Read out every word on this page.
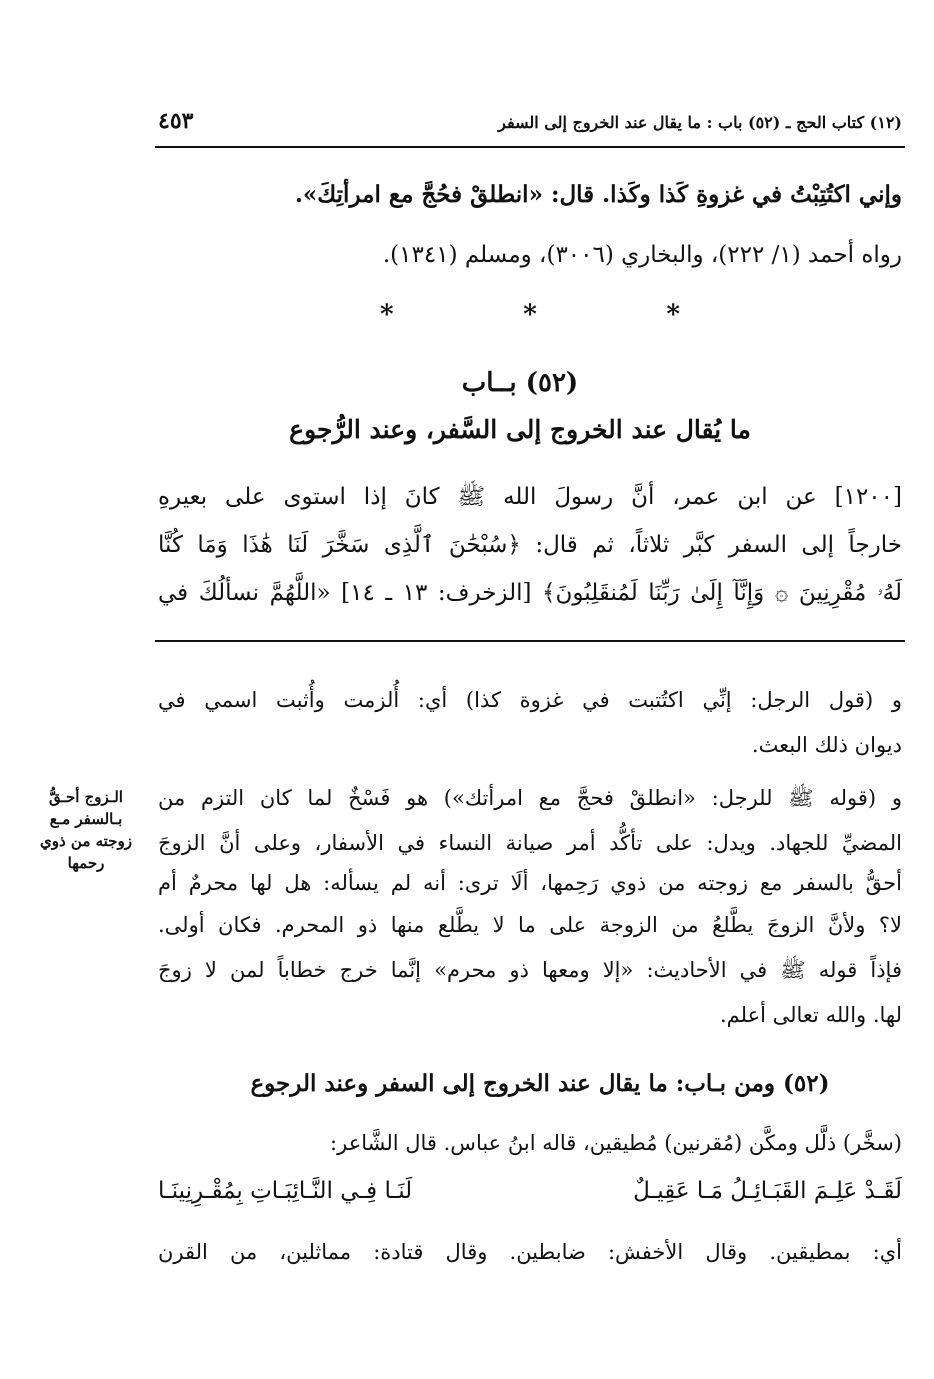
(١٢) كتاب الحج ـ (٥٢) باب : ما يقال عند الخروج إلى السفر
٤٥٣
وإني اكتُتِبْتُ في غزوةِ كَذا وكَذا. قال: «انطلقْ فحُجَّ مع امرأتِكَ».
رواه أحمد (١/ ٢٢٢)، والبخاري (٣٠٠٦)، ومسلم (١٣٤١).
*
*
*
(٥٢) بــاب
ما يُقال عند الخروج إلى السَّفر، وعند الرُّجوع
[١٢٠٠] عن ابن عمر، أنَّ رسولَ الله ﷺ كانَ إذا استوى على بعيرهِ
خارجاً إلى السفر كبَّر ثلاثاً، ثم قال: ﴿سُبْحَٰنَ ٱلَّذِى سَخَّرَ لَنَا هَٰذَا وَمَا كُنَّا
لَهُۥ مُقْرِنِينَ ۞ وَإِنَّآ إِلَىٰ رَبِّنَا لَمُنقَلِبُونَ﴾ [الزخرف: ١٣ ـ ١٤] «اللَّهُمَّ نسألُكَ في
و (قول الرجل: إنِّي اكتُتبت في غزوة كذا) أي: أُلزمت وأُثبت اسمي في
ديوان ذلك البعث.
و (قوله ﷺ للرجل: «انطلقْ فحجَّ مع امرأتك») هو فَسْخٌ لما كان التزم من
المضيِّ للجهاد. ويدل: على تأكُّد أمر صيانة النساء في الأسفار، وعلى أنَّ الزوجَ
أحقُّ بالسفر مع زوجته من ذوي رَحِمها، ألَا ترى: أنه لم يسأله: هل لها محرمٌ أم
لا؟ ولأنَّ الزوجَ يطَّلعُ من الزوجة على ما لا يطَّلع منها ذو المحرم. فكان أولى.
فإذاً قوله ﷺ في الأحاديث: «إلا ومعها ذو محرم» إنَّما خرج خطاباً لمن لا زوجَ
لها. والله تعالى أعلم.
الـزوج أحـقُّ
بـالسفر مـع
زوجته من ذوي
رحمها
(٥٢) ومن بـاب: ما يقال عند الخروج إلى السفر وعند الرجوع
(سخَّر) ذلَّل ومكَّن (مُقرنين) مُطيقين، قاله ابنُ عباس. قال الشَّاعر:
لَقَـدْ عَلِـمَ القَبَـائِـلُ مَـا عَقِيـلٌ
لَنَـا فِـي النَّـائِبَـاتِ بِمُقْـرِنِينَـا
أي: بمطيقين. وقال الأخفش: ضابطين. وقال قتادة: مماثلين، من القرن
